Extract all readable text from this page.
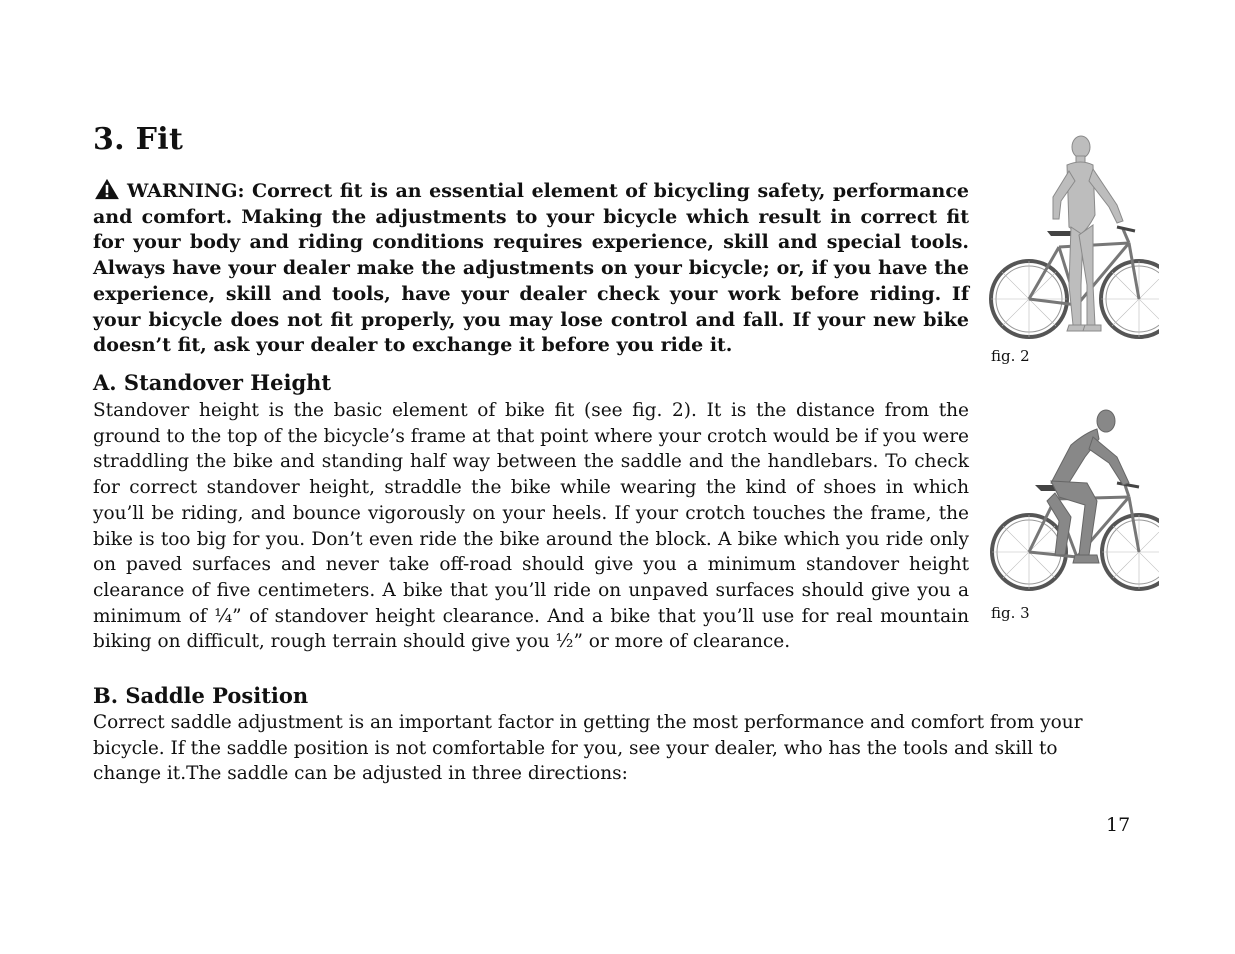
3. Fit

WARNING: Correct fit is an essential element of bicycling safety, performance and comfort. Making the adjustments to your bicycle which result in correct fit for your body and riding conditions requires experience, skill and special tools. Always have your dealer make the adjustments on your bicycle; or, if you have the experience, skill and tools, have your dealer check your work before riding. If your bicycle does not fit properly, you may lose control and fall. If your new bike doesn’t fit, ask your dealer to exchange it before you ride it.

A. Standover Height

Standover height is the basic element of bike fit (see fig. 2). It is the distance from the ground to the top of the bicycle’s frame at that point where your crotch would be if you were straddling the bike and standing half way between the saddle and the handlebars. To check for correct standover height, straddle the bike while wearing the kind of shoes in which you’ll be riding, and bounce vigorously on your heels. If your crotch touches the frame, the bike is too big for you. Don’t even ride the bike around the block. A bike which you ride only on paved surfaces and never take off-road should give you a minimum standover height clearance of five centimeters. A bike that you’ll ride on unpaved surfaces should give you a minimum of ¼” of standover height clearance. And a bike that you’ll use for real mountain biking on difficult, rough terrain should give you ½” or more of clearance.

B. Saddle Position

Correct saddle adjustment is an important factor in getting the most performance and comfort from your bicycle. If the saddle position is not comfortable for you, see your dealer, who has the tools and skill to change it.The saddle can be adjusted in three directions:

fig. 2
fig. 3
17
